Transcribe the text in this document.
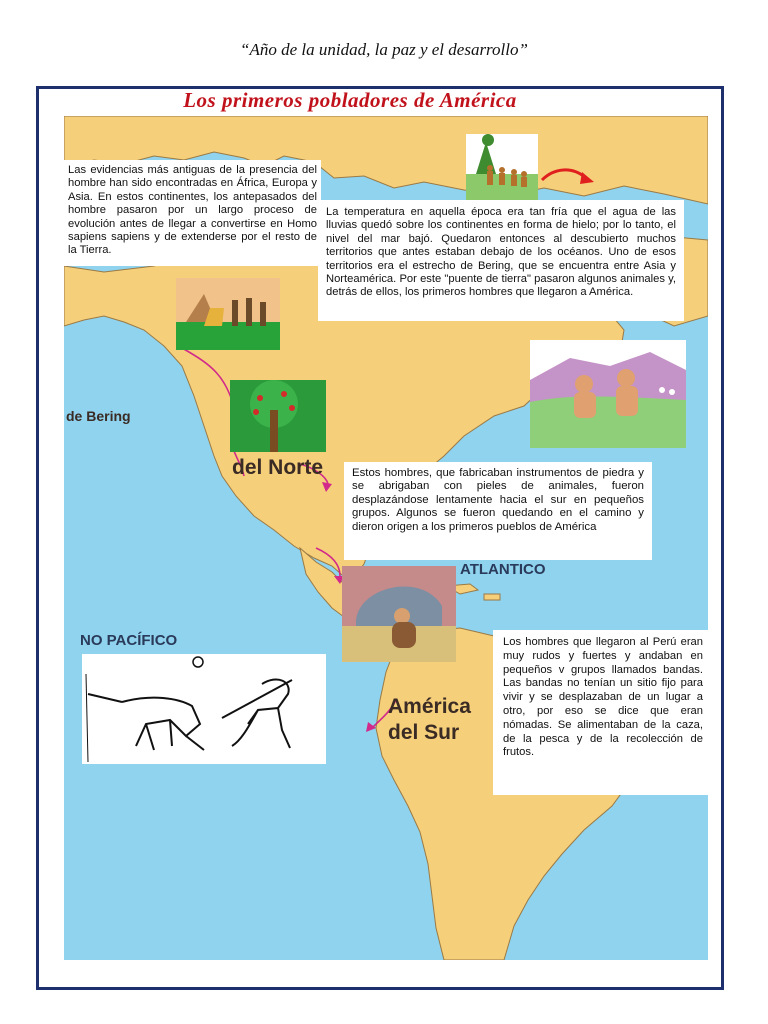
“Año de la unidad, la paz y el desarrollo”
Los primeros pobladores de América
de Bering
del Norte
América
del Sur
ATLANTICO
NO PACÍFICO
Las evidencias más antiguas de la presencia del hombre han sido encontradas en África, Europa y Asia. En estos continentes, los antepasados del hombre pasaron por un largo proceso de evolución antes de llegar a convertirse en Homo sapiens sapiens y de extenderse por el resto de la Tierra.
La temperatura en aquella época era tan fría que el agua de las lluvias quedó sobre los continentes en forma de hielo; por lo tanto, el nivel del mar bajó. Quedaron entonces al descubierto muchos territorios que antes estaban debajo de los océanos. Uno de esos territorios era el estrecho de Bering, que se encuentra entre Asia y Norteamérica. Por este "puente de tierra" pasaron algunos animales y, detrás de ellos, los primeros hombres que llegaron a América.
Estos hombres, que fabricaban instrumentos de piedra y se abrigaban con pieles de animales, fueron desplazándose lentamente hacia el sur en pequeños grupos. Algunos se fueron quedando en el camino y dieron origen a los primeros pueblos de América
Los hombres que llegaron al Perú eran muy rudos y fuertes y andaban en pequeños v grupos llamados bandas. Las bandas no tenían un sitio fijo para vivir y se desplazaban de un lugar a otro, por eso se dice que eran nómadas. Se alimentaban de la caza, de la pesca y de la recolección de frutos.
